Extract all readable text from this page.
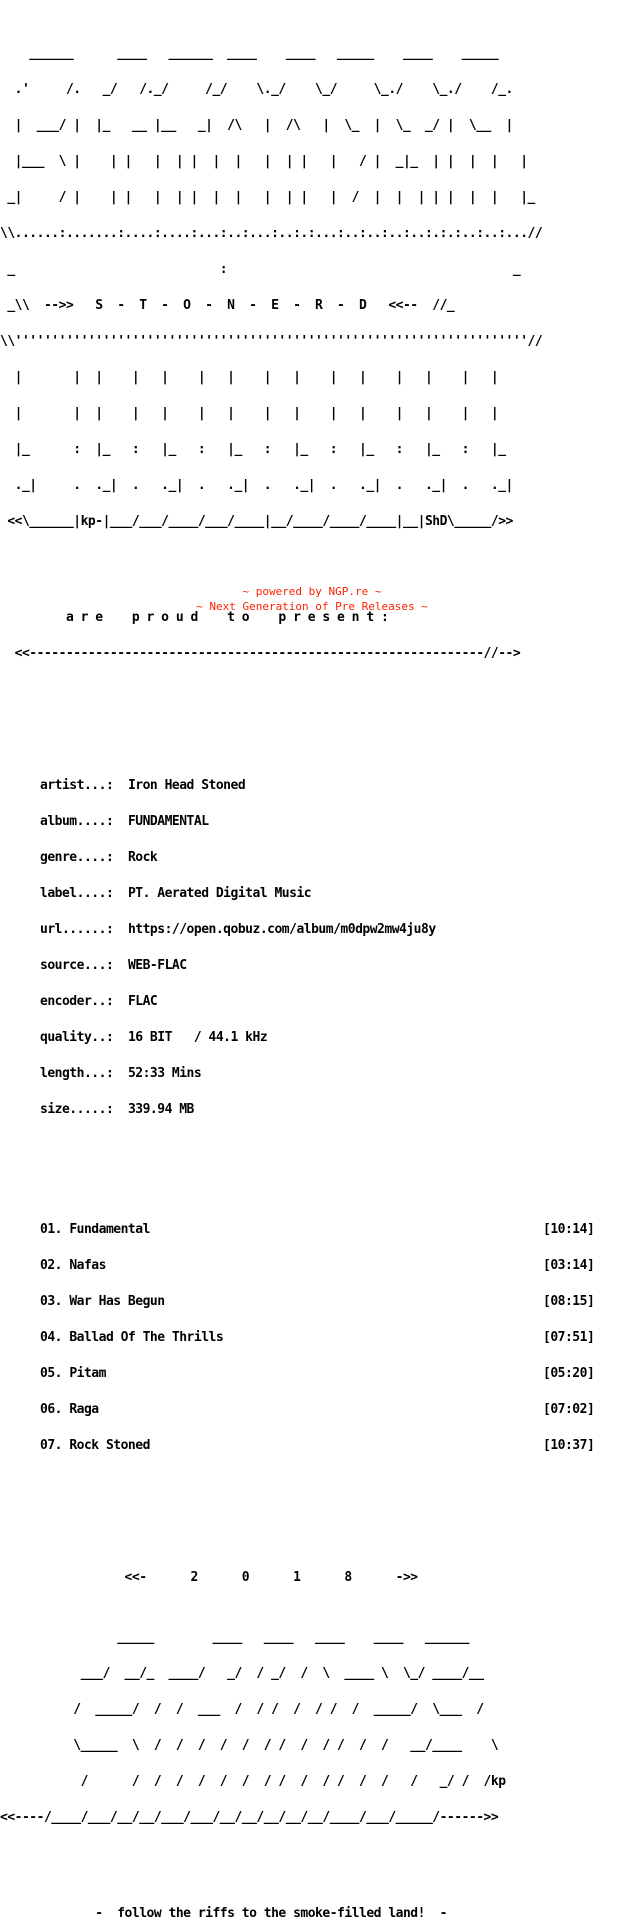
______      ____   ______  ____    ____   _____    ____    _____

.'     /.   _/   /._/     /_/    \._/    \_/     \_./    \_./    /_.

|  ___/ |  |_   __ |__   _|  /\   |  /\   |  \_  |  \_  _/ |  \__  |

|___  \ |    | |   |  | |  |  |   |  | |   |   / |  _|_  | |  |  |   |

_|     / |    | |   |  | |  |  |   |  | |   |  /  |  |  | | |  |  |   |_

\\......:.......:....:....:...:..:...:..:.:...:..:..:..:..:.:.:..:..:...//

_                            :                                       _

_\\  -->>   S  -  T  -  O  -  N  -  E  -  R  -  D   <<--  //_

\\''''''''''''''''''''''''''''''''''''''''''''''''''''''''''''''''''''''//

|       |  |    |   |    |   |    |   |    |   |    |   |    |   |

|       |  |    |   |    |   |    |   |    |   |    |   |    |   |

|_      :  |_   :   |_   :   |_   :   |_   :   |_   :   |_   :   |_

._|     .  ._|  .   ._|  .   ._|  .   ._|  .   ._|  .   ._|  .   ._|

<<\______|kp-|___/___/____/___/____|__/____/____/____|__|ShD\_____/>>

a r e    p r o u d    t o    p r e s e n t :

<<--------------------------------------------------------------//-->

artist...: Iron Head Stoned

album....: FUNDAMENTAL

genre....: Rock

label....: PT. Aerated Digital Music

url......: https://open.qobuz.com/album/m0dpw2mw4ju8y

source...: WEB-FLAC

encoder..: FLAC

quality..: 16 BIT   / 44.1 kHz

length...: 52:33 Mins

size.....: 339.94 MB

01. Fundamental	[10:14]

02. Nafas	[03:14]

03. War Has Begun	[08:15]

04. Ballad Of The Thrills	[07:51]

05. Pitam	[05:20]

06. Raga	[07:02]

07. Rock Stoned	[10:37]

<<-      2      0      1      8      ->>

_____        ____   ____   ____    ____   ______

___/  __/_  ____/   _/  / _/  /  \  ____ \  \_/ ____/__

/  _____/  /  /  ___  /  / /  /  / /  /  _____/  \___  /

\_____  \  /  /  /  /  /  / /  /  / /  /  /   __/____    \

/      /  /  /  /  /  /  / /  /  / /  /  /   /   _/ /  /kp

<<----/____/___/__/__/___/___/__/__/__/__/__/____/___/_____/------>>

-  follow the riffs to the smoke-filled land!  -

~ powered by NGP.re ~
~ Next Generation of Pre Releases ~
